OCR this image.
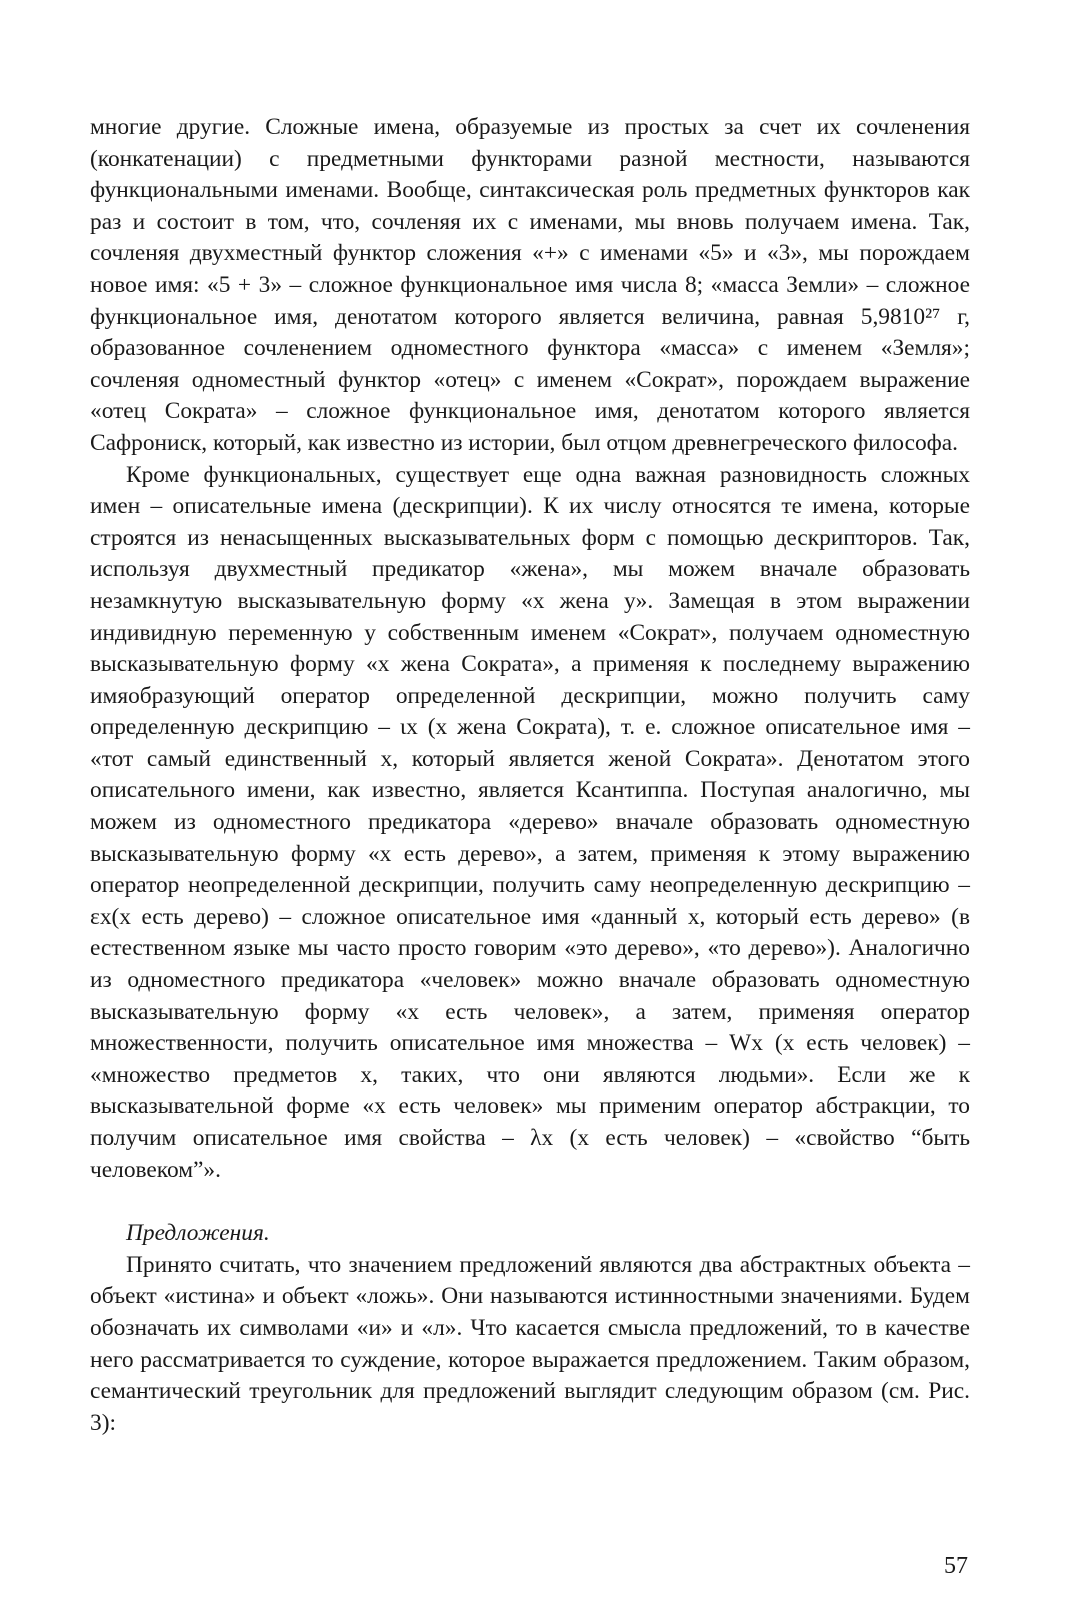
многие другие. Сложные имена, образуемые из простых за счет их сочленения (конкатенации) с предметными функторами разной местности, называются функциональными именами. Вообще, синтаксическая роль предметных функторов как раз и состоит в том, что, сочленяя их с именами, мы вновь получаем имена. Так, сочленяя двухместный функтор сложения «+» с именами «5» и «3», мы порождаем новое имя: «5 + 3» – сложное функциональное имя числа 8; «масса Земли» – сложное функциональное имя, денотатом которого является величина, равная 5,9810²⁷ г, образованное сочленением одноместного функтора «масса» с именем «Земля»; сочленяя одноместный функтор «отец» с именем «Сократ», порождаем выражение «отец Сократа» – сложное функциональное имя, денотатом которого является Сафрониск, который, как известно из истории, был отцом древнегреческого философа.

Кроме функциональных, существует еще одна важная разновидность сложных имен – описательные имена (дескрипции). К их числу относятся те имена, которые строятся из ненасыщенных высказывательных форм с помощью дескрипторов. Так, используя двухместный предикатор «жена», мы можем вначале образовать незамкнутую высказывательную форму «x жена y». Замещая в этом выражении индивидную переменную y собственным именем «Сократ», получаем одноместную высказывательную форму «x жена Сократа», а применяя к последнему выражению имяобразующий оператор определенной дескрипции, можно получить саму определенную дескрипцию – ιx (x жена Сократа), т. е. сложное описательное имя – «тот самый единственный x, который является женой Сократа». Денотатом этого описательного имени, как известно, является Ксантиппа. Поступая аналогично, мы можем из одноместного предикатора «дерево» вначале образовать одноместную высказывательную форму «x есть дерево», а затем, применяя к этому выражению оператор неопределенной дескрипции, получить саму неопределенную дескрипцию – εx(x есть дерево) – сложное описательное имя «данный x, который есть дерево» (в естественном языке мы часто просто говорим «это дерево», «то дерево»). Аналогично из одноместного предикатора «человек» можно вначале образовать одноместную высказывательную форму «x есть человек», а затем, применяя оператор множественности, получить описательное имя множества – Wx (x есть человек) – «множество предметов x, таких, что они являются людьми». Если же к высказывательной форме «x есть человек» мы применим оператор абстракции, то получим описательное имя свойства – λx (x есть человек) – «свойство “быть человеком”».

Предложения.

Принято считать, что значением предложений являются два абстрактных объекта – объект «истина» и объект «ложь». Они называются истинностными значениями. Будем обозначать их символами «и» и «л». Что касается смысла предложений, то в качестве него рассматривается то суждение, которое выражается предложением. Таким образом, семантический треугольник для предложений выглядит следующим образом (см. Рис. 3):

57
